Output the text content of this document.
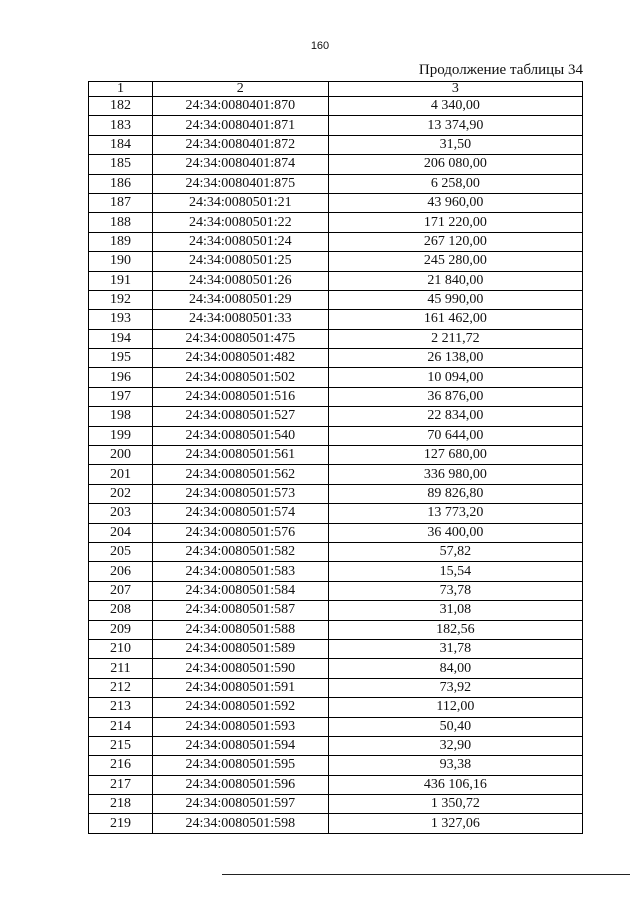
160
Продолжение таблицы 34
1	2	3
182	24:34:0080401:870	4 340,00
183	24:34:0080401:871	13 374,90
184	24:34:0080401:872	31,50
185	24:34:0080401:874	206 080,00
186	24:34:0080401:875	6 258,00
187	24:34:0080501:21	43 960,00
188	24:34:0080501:22	171 220,00
189	24:34:0080501:24	267 120,00
190	24:34:0080501:25	245 280,00
191	24:34:0080501:26	21 840,00
192	24:34:0080501:29	45 990,00
193	24:34:0080501:33	161 462,00
194	24:34:0080501:475	2 211,72
195	24:34:0080501:482	26 138,00
196	24:34:0080501:502	10 094,00
197	24:34:0080501:516	36 876,00
198	24:34:0080501:527	22 834,00
199	24:34:0080501:540	70 644,00
200	24:34:0080501:561	127 680,00
201	24:34:0080501:562	336 980,00
202	24:34:0080501:573	89 826,80
203	24:34:0080501:574	13 773,20
204	24:34:0080501:576	36 400,00
205	24:34:0080501:582	57,82
206	24:34:0080501:583	15,54
207	24:34:0080501:584	73,78
208	24:34:0080501:587	31,08
209	24:34:0080501:588	182,56
210	24:34:0080501:589	31,78
211	24:34:0080501:590	84,00
212	24:34:0080501:591	73,92
213	24:34:0080501:592	112,00
214	24:34:0080501:593	50,40
215	24:34:0080501:594	32,90
216	24:34:0080501:595	93,38
217	24:34:0080501:596	436 106,16
218	24:34:0080501:597	1 350,72
219	24:34:0080501:598	1 327,06
